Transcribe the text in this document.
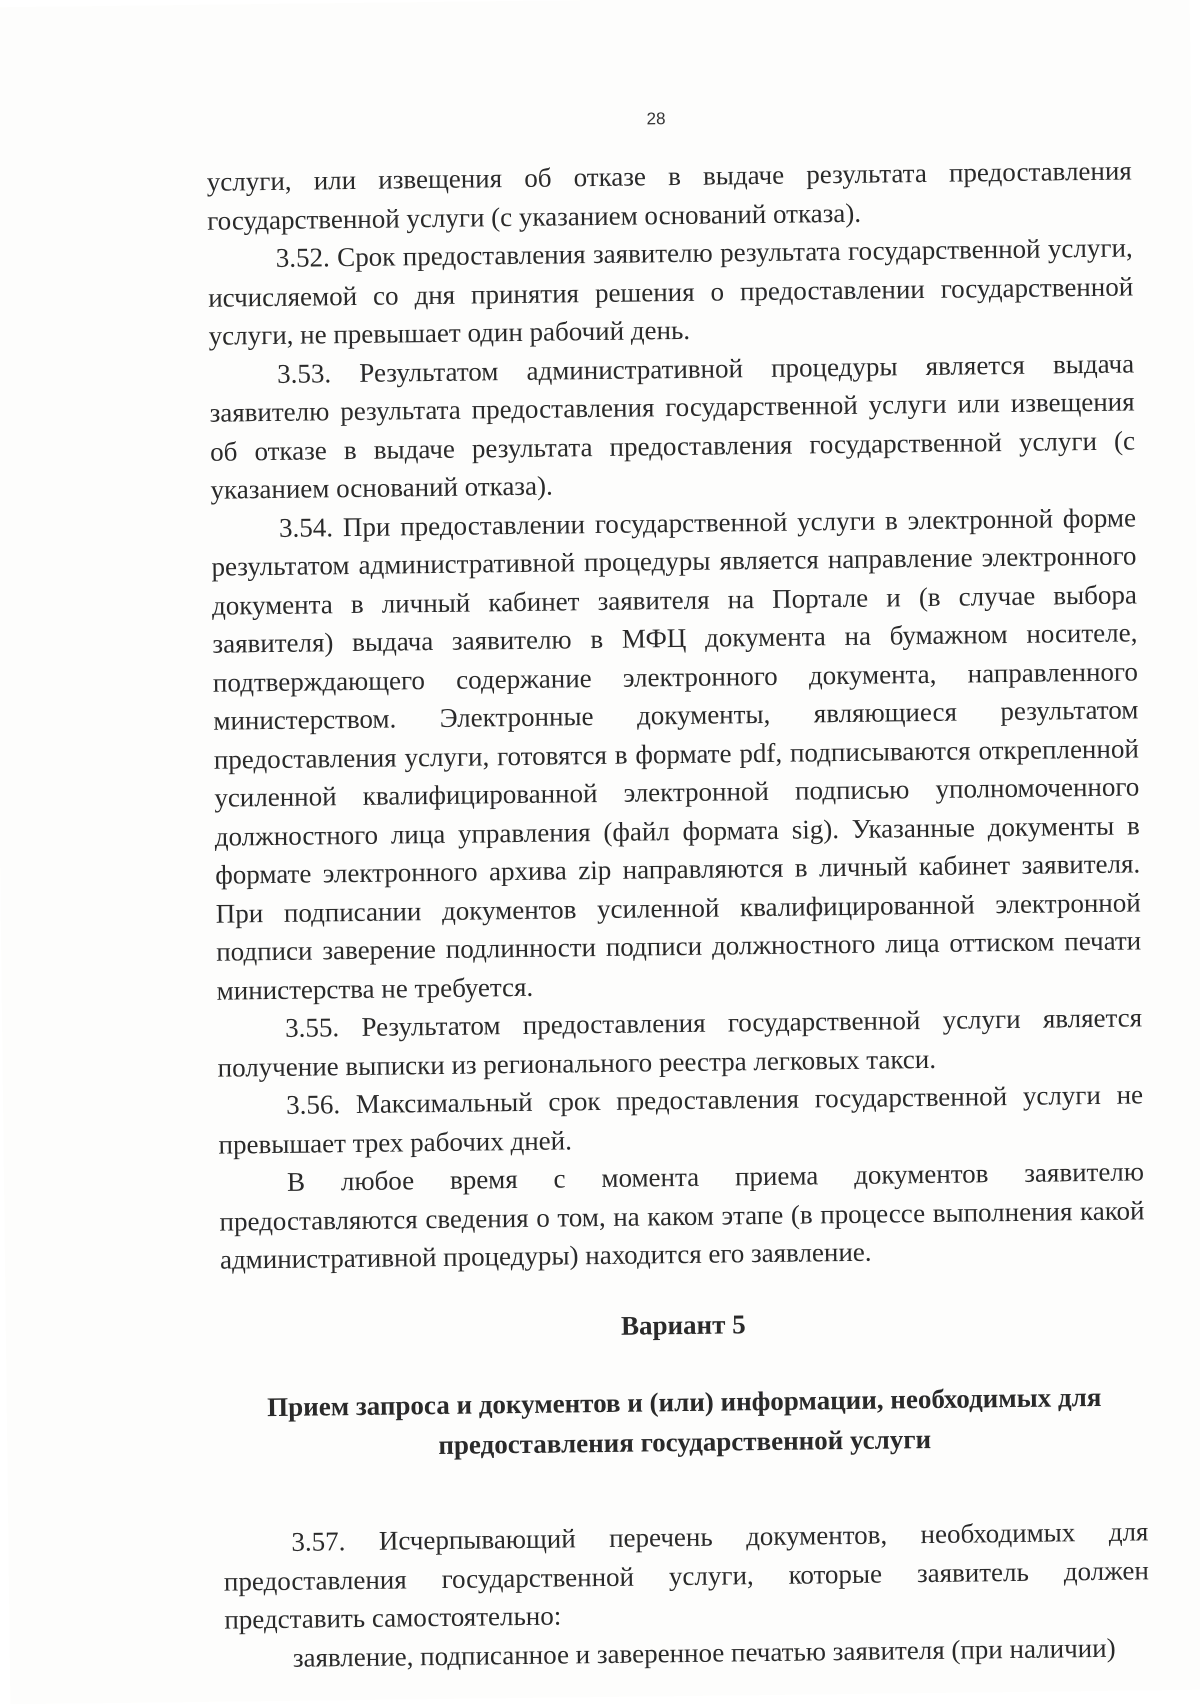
28

услуги, или извещения об отказе в выдаче результата предоставления государственной услуги (с указанием оснований отказа).

3.52. Срок предоставления заявителю результата государственной услуги, исчисляемой со дня принятия решения о предоставлении государственной услуги, не превышает один рабочий день.

3.53. Результатом административной процедуры является выдача заявителю результата предоставления государственной услуги или извещения об отказе в выдаче результата предоставления государственной услуги (с указанием оснований отказа).

3.54. При предоставлении государственной услуги в электронной форме результатом административной процедуры является направление электронного документа в личный кабинет заявителя на Портале и (в случае выбора заявителя) выдача заявителю в МФЦ документа на бумажном носителе, подтверждающего содержание электронного документа, направленного министерством. Электронные документы, являющиеся результатом предоставления услуги, готовятся в формате pdf, подписываются открепленной усиленной квалифицированной электронной подписью уполномоченного должностного лица управления (файл формата sig). Указанные документы в формате электронного архива zip направляются в личный кабинет заявителя. При подписании документов усиленной квалифицированной электронной подписи заверение подлинности подписи должностного лица оттиском печати министерства не требуется.

3.55. Результатом предоставления государственной услуги является получение выписки из регионального реестра легковых такси.

3.56. Максимальный срок предоставления государственной услуги не превышает трех рабочих дней.

В любое время с момента приема документов заявителю предоставляются сведения о том, на каком этапе (в процессе выполнения какой административной процедуры) находится его заявление.

Вариант 5

Прием запроса и документов и (или) информации, необходимых для предоставления государственной услуги

3.57. Исчерпывающий перечень документов, необходимых для предоставления государственной услуги, которые заявитель должен представить самостоятельно:

заявление, подписанное и заверенное печатью заявителя (при наличии)
